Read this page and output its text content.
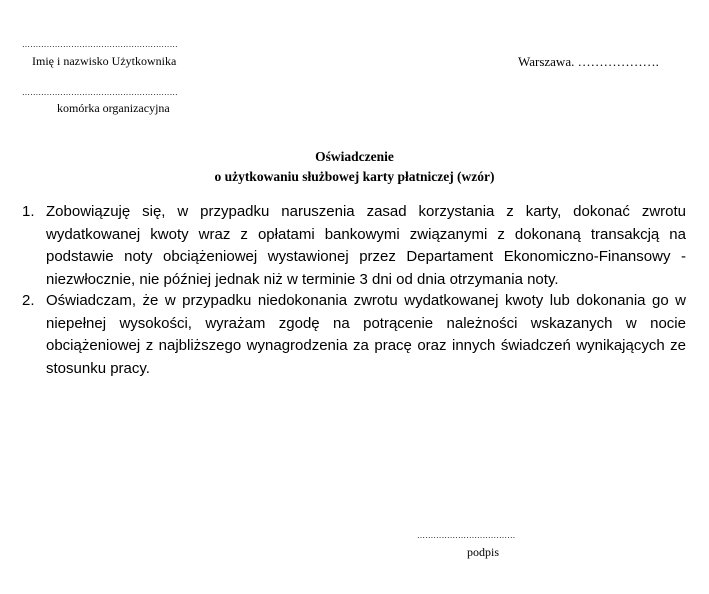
…………………………………………………
Imię i nazwisko Użytkownika
…………………………………………………
komórka organizacyjna
Warszawa. ……………….
Oświadczenie
o użytkowaniu służbowej karty płatniczej (wzór)
1. Zobowiązuję się, w przypadku naruszenia zasad korzystania z karty, dokonać zwrotu wydatkowanej kwoty wraz z opłatami bankowymi związanymi z dokonaną transakcją na podstawie noty obciążeniowej wystawionej przez Departament Ekonomiczno-Finansowy - niezwłocznie, nie później jednak niż w terminie 3 dni od dnia otrzymania noty.
2. Oświadczam, że w przypadku niedokonania zwrotu wydatkowanej kwoty lub dokonania go w niepełnej wysokości, wyrażam zgodę na potrącenie należności wskazanych w nocie obciążeniowej z najbliższego wynagrodzenia za pracę oraz innych świadczeń wynikających ze stosunku pracy.
………………………………
podpis
